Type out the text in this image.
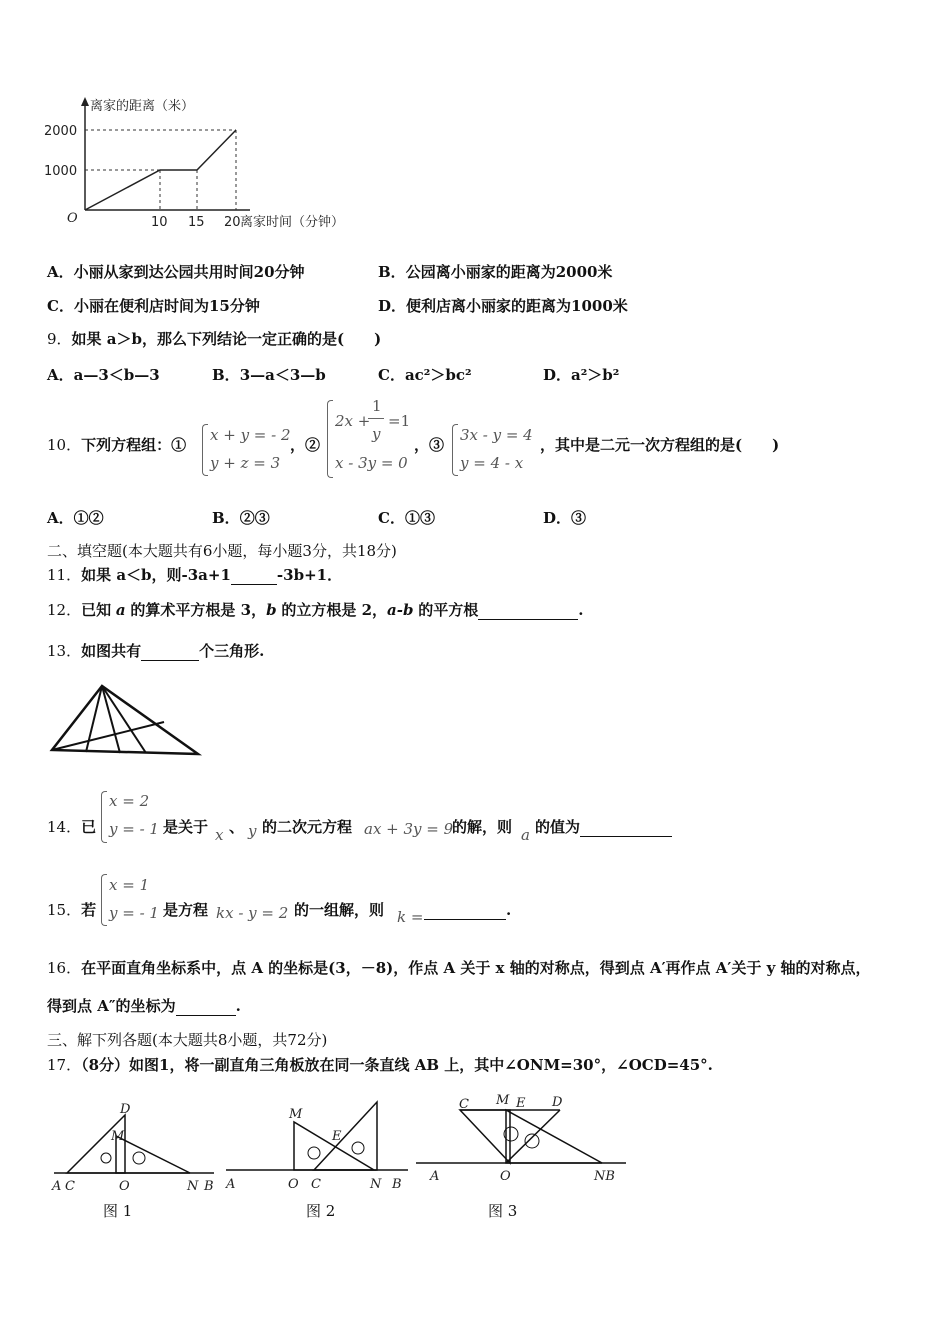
离家的距离（米）
2000
1000
O	10 15 20 离家时间（分钟）
A．小丽从家到达公园共用时间20分钟	B．公园离小丽家的距离为2000米
C．小丽在便利店时间为15分钟	D．便利店离小丽家的距离为1000米
9．如果 a＞b，那么下列结论一定正确的是(　　)
A．a—3＜b—3	B．3—a＜3—b	C．ac²＞bc²	D．a²＞b²
10．下列方程组：①
x + y = - 2
y + z = 3
，②
2x +
1
y
=1
x - 3y = 0
，③
3x - y = 4
y = 4 - x
，其中是二元一次方程组的是(　　)
A．①②	B．②③	C．①③	D．③
二、填空题(本大题共有6小题，每小题3分，共18分)
11．如果 a＜b，则-3a+1	-3b+1．
12．已知 a 的算术平方根是 3，b 的立方根是 2，a-b 的平方根	.
13．如图共有	个三角形.
14．已
x = 2
y = - 1 是关于 x 、 y 的二次元方程 ax + 3y = 9
的解，则 a 的值为
15．若
x = 1
y = - 1 是方程 kx - y = 2 的一组解，则 k =	.
16．在平面直角坐标系中，点 A 的坐标是(3，－8)，作点 A 关于 x 轴的对称点，得到点 A′再作点 A′关于 y 轴的对称点，
得到点 A″的坐标为	.
三、解下列各题(本大题共8小题，共72分)
17．（8分）如图1，将一副直角三角板放在同一条直线 AB 上，其中∠ONM=30°，∠OCD=45°.
D
M
A C	O	N B
图 1
M
E
A	O C	N B
图 2
C M E D
A	O	NB
图 3
